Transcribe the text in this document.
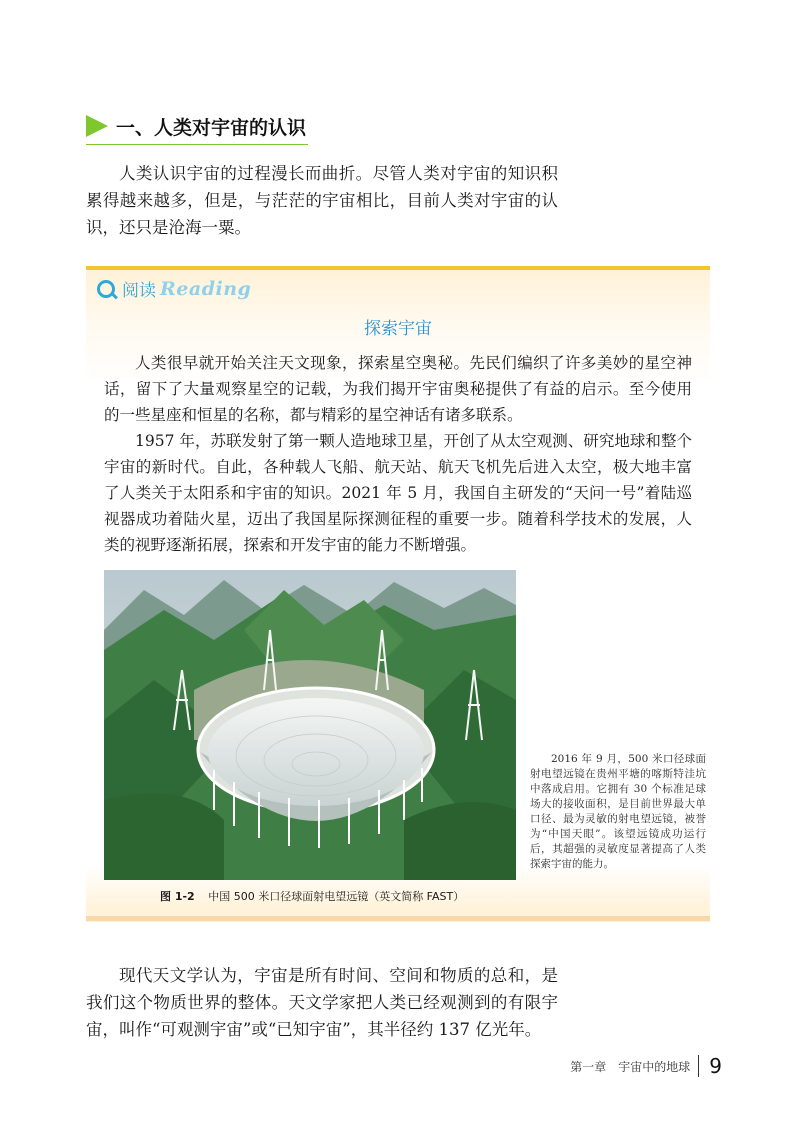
一、人类对宇宙的认识

人类认识宇宙的过程漫长而曲折。尽管人类对宇宙的知识积累得越来越多，但是，与茫茫的宇宙相比，目前人类对宇宙的认识，还只是沧海一粟。

阅读 Reading
探索宇宙

人类很早就开始关注天文现象，探索星空奥秘。先民们编织了许多美妙的星空神话，留下了大量观察星空的记载，为我们揭开宇宙奥秘提供了有益的启示。至今使用的一些星座和恒星的名称，都与精彩的星空神话有诸多联系。

1957 年，苏联发射了第一颗人造地球卫星，开创了从太空观测、研究地球和整个宇宙的新时代。自此，各种载人飞船、航天站、航天飞机先后进入太空，极大地丰富了人类关于太阳系和宇宙的知识。2021 年 5 月，我国自主研发的“天问一号”着陆巡视器成功着陆火星，迈出了我国星际探测征程的重要一步。随着科学技术的发展，人类的视野逐渐拓展，探索和开发宇宙的能力不断增强。

2016 年 9 月，500 米口径球面射电望远镜在贵州平塘的喀斯特洼坑中落成启用。它拥有 30 个标准足球场大的接收面积，是目前世界最大单口径、最为灵敏的射电望远镜，被誉为“中国天眼”。该望远镜成功运行后，其超强的灵敏度显著提高了人类探索宇宙的能力。

图 1-2 中国 500 米口径球面射电望远镜（英文简称 FAST）

现代天文学认为，宇宙是所有时间、空间和物质的总和，是我们这个物质世界的整体。天文学家把人类已经观测到的有限宇宙，叫作“可观测宇宙”或“已知宇宙”，其半径约 137 亿光年。

第一章　宇宙中的地球 9
